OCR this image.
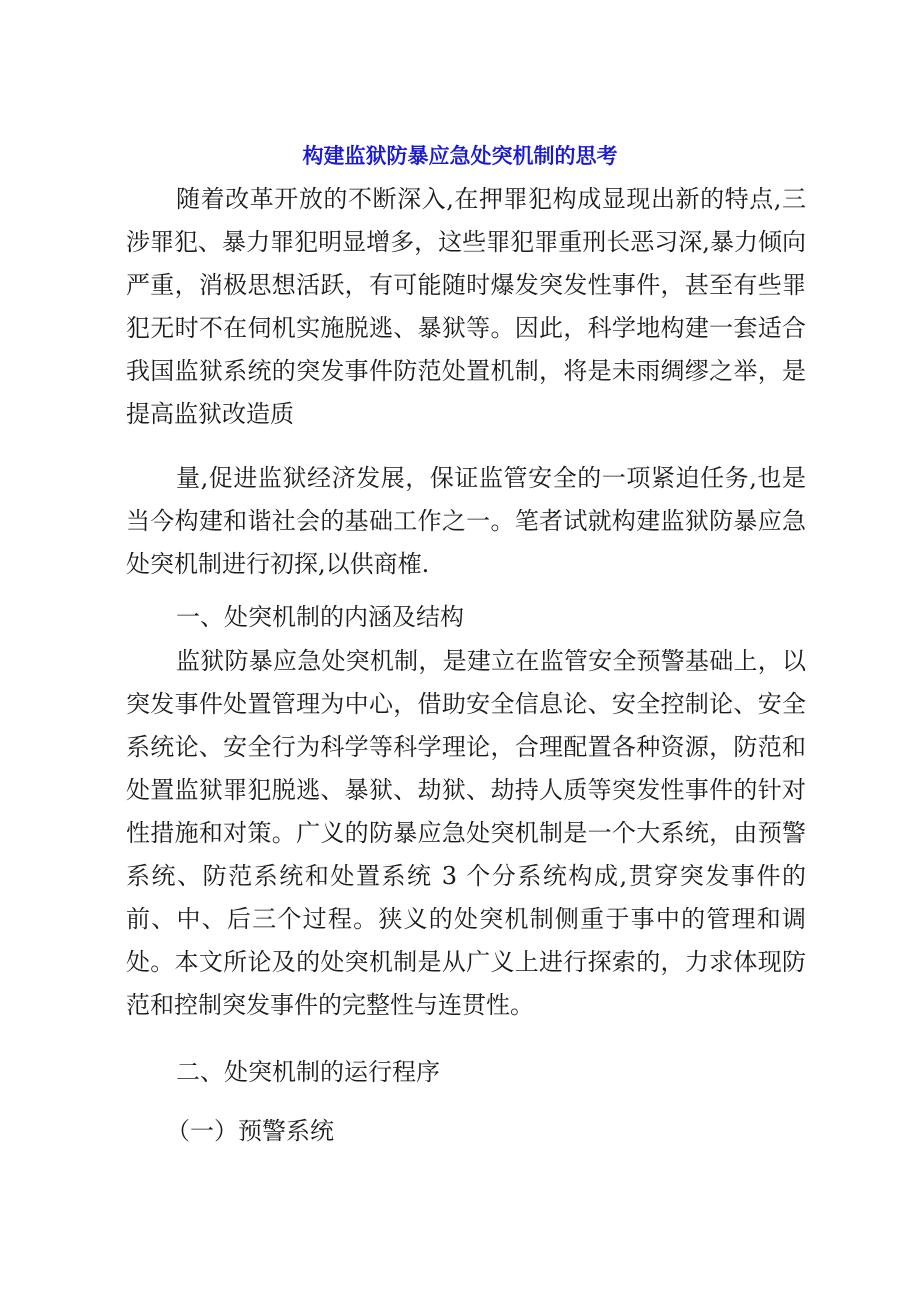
构建监狱防暴应急处突机制的思考

随着改革开放的不断深入,在押罪犯构成显现出新的特点,三涉罪犯、暴力罪犯明显增多，这些罪犯罪重刑长恶习深,暴力倾向严重，消极思想活跃，有可能随时爆发突发性事件，甚至有些罪犯无时不在伺机实施脱逃、暴狱等。因此，科学地构建一套适合我国监狱系统的突发事件防范处置机制，将是未雨绸缪之举，是提高监狱改造质

量,促进监狱经济发展，保证监管安全的一项紧迫任务,也是当今构建和谐社会的基础工作之一。笔者试就构建监狱防暴应急处突机制进行初探,以供商榷.

一、处突机制的内涵及结构

监狱防暴应急处突机制，是建立在监管安全预警基础上，以突发事件处置管理为中心，借助安全信息论、安全控制论、安全系统论、安全行为科学等科学理论，合理配置各种资源，防范和处置监狱罪犯脱逃、暴狱、劫狱、劫持人质等突发性事件的针对性措施和对策。广义的防暴应急处突机制是一个大系统，由预警系统、防范系统和处置系统 3 个分系统构成,贯穿突发事件的前、中、后三个过程。狭义的处突机制侧重于事中的管理和调处。本文所论及的处突机制是从广义上进行探索的，力求体现防范和控制突发事件的完整性与连贯性。

二、处突机制的运行程序

（一）预警系统
